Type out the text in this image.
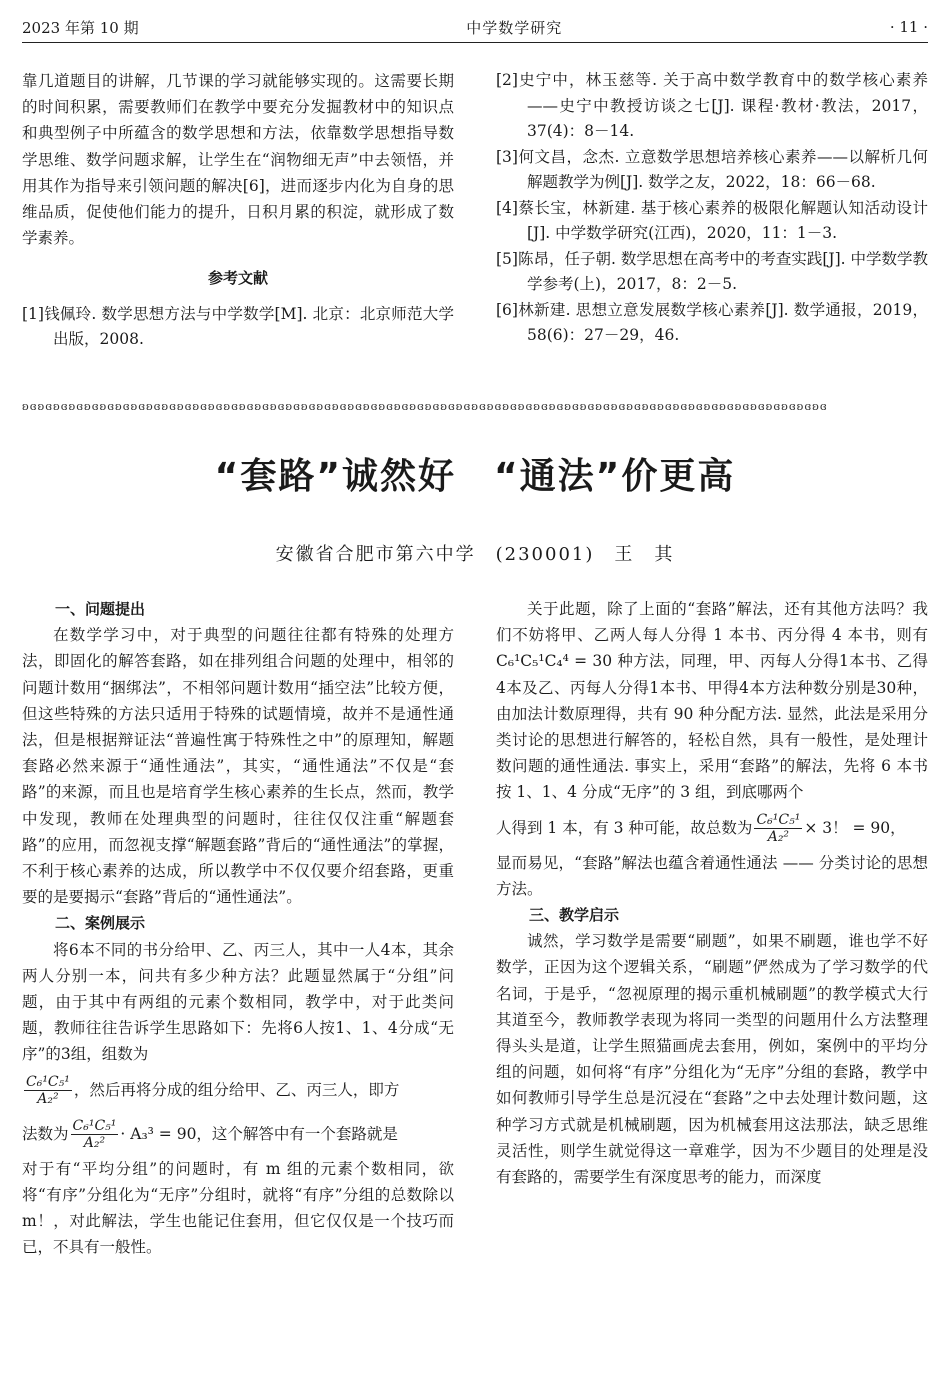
2023 年第 10 期	中学数学研究	· 11 ·

靠几道题目的讲解，几节课的学习就能够实现的。这需要长期的时间积累，需要教师们在教学中要充分发掘教材中的知识点和典型例子中所蕴含的数学思想和方法，依靠数学思想指导数学思维、数学问题求解，让学生在“润物细无声”中去领悟，并用其作为指导来引领问题的解决[6]，进而逐步内化为自身的思维品质，促使他们能力的提升，日积月累的积淀，就形成了数学素养。

参考文献

[1]钱佩玲. 数学思想方法与中学数学[M]. 北京：北京师范大学出版，2008.

[2]史宁中，林玉慈等. 关于高中数学教育中的数学核心素养——史宁中教授访谈之七[J]. 课程·教材·教法，2017，37(4)：8－14.

[3]何文昌，念杰. 立意数学思想培养核心素养——以解析几何解题教学为例[J]. 数学之友，2022，18：66－68.

[4]蔡长宝，林新建. 基于核心素养的极限化解题认知活动设计[J]. 中学数学研究(江西)，2020，11：1－3.

[5]陈昂，任子朝. 数学思想在高考中的考查实践[J]. 中学数学教学参考(上)，2017，8：2－5.

[6]林新建. 思想立意发展数学核心素养[J]. 数学通报，2019，58(6)：27－29，46.

ʚɞʚɞʚɞʚɞʚɞʚɞʚɞʚɞʚɞʚɞʚɞʚɞʚɞʚɞʚɞʚɞʚɞʚɞʚɞʚɞʚɞʚɞʚɞʚɞʚɞʚɞʚɞʚɞʚɞʚɞʚɞʚɞʚɞʚɞʚɞʚɞʚɞʚɞʚɞʚɞʚɞʚɞʚɞʚɞʚɞʚɞʚɞʚɞʚɞʚɞʚɞʚɞ
“套路”诚然好　“通法”价更高
安徽省合肥市第六中学　(230001)　王　其
一、问题提出

在数学学习中，对于典型的问题往往都有特殊的处理方法，即固化的解答套路，如在排列组合问题的处理中，相邻的问题计数用“捆绑法”，不相邻问题计数用“插空法”比较方便，但这些特殊的方法只适用于特殊的试题情境，故并不是通性通法，但是根据辩证法“普遍性寓于特殊性之中”的原理知，解题套路必然来源于“通性通法”，其实，“通性通法”不仅是“套路”的来源，而且也是培育学生核心素养的生长点，然而，教学中发现，教师在处理典型的问题时，往往仅仅注重“解题套路”的应用，而忽视支撑“解题套路”背后的“通性通法”的掌握，不利于核心素养的达成，所以教学中不仅仅要介绍套路，更重要的是要揭示“套路”背后的“通性通法”。

二、案例展示

将6本不同的书分给甲、乙、丙三人，其中一人4本，其余两人分别一本，问共有多少种方法？此题显然属于“分组”问题，由于其中有两组的元素个数相同，教学中，对于此类问题，教师往往告诉学生思路如下：先将6人按1、1、4分成“无序”的3组，组数为

$\frac{\text{C₆¹C₅¹}}{\text{A₂²}}$ ，然后再将分成的组分给甲、乙、丙三人，即方

法数为 $\frac{\text{C₆¹C₅¹}}{\text{A₂²}} \cdot A_3^3 = 90$，这个解答中有一个套路就是

对于有“平均分组”的问题时，有 m 组的元素个数相同，欲将“有序”分组化为“无序”分组时，就将“有序”分组的总数除以 m！，对此解法，学生也能记住套用，但它仅仅是一个技巧而已，不具有一般性。

关于此题，除了上面的“套路”解法，还有其他方法吗？我们不妨将甲、乙两人每人分得 1 本书、丙分得 4 本书，则有 C₆¹C₅¹C₄⁴ = 30 种方法，同理，甲、丙每人分得1本书、乙得4本及乙、丙每人分得1本书、甲得4本方法种数分别是30种，由加法计数原理得，共有 90 种分配方法. 显然，此法是采用分类讨论的思想进行解答的，轻松自然，具有一般性，是处理计数问题的通性通法. 事实上，采用“套路”的解法，先将 6 本书按 1、1、4 分成“无序”的 3 组，到底哪两个

人得到 1 本，有 3 种可能，故总数为 $\frac{\text{C₆¹C₅¹}}{\text{A₂²}} \times 3$！ = 90，

显而易见，“套路”解法也蕴含着通性通法 —— 分类讨论的思想方法。

三、教学启示

诚然，学习数学是需要“刷题”，如果不刷题，谁也学不好数学，正因为这个逻辑关系，“刷题”俨然成为了学习数学的代名词，于是乎，“忽视原理的揭示重机械刷题”的教学模式大行其道至今，教师教学表现为将同一类型的问题用什么方法整理得头头是道，让学生照猫画虎去套用，例如，案例中的平均分组的问题，如何将“有序”分组化为“无序”分组的套路，教学中如何教师引导学生总是沉浸在“套路”之中去处理计数问题，这种学习方式就是机械刷题，因为机械套用这法那法，缺乏思维灵活性，则学生就觉得这一章难学，因为不少题目的处理是没有套路的，需要学生有深度思考的能力，而深度
